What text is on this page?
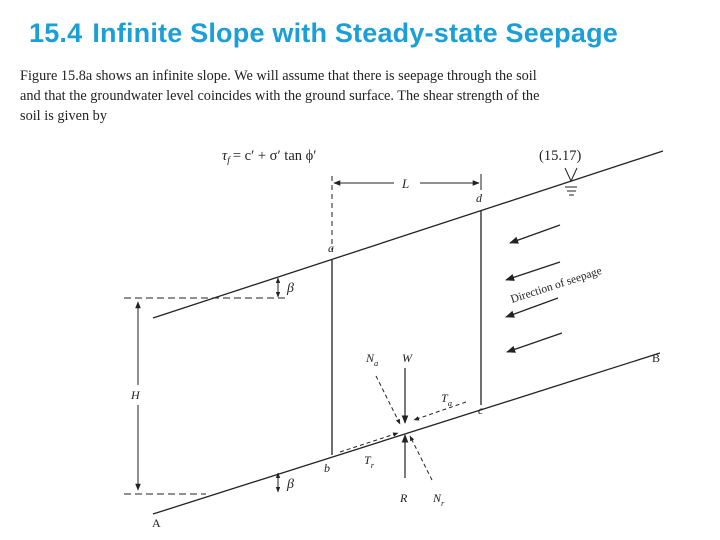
15.4 Infinite Slope with Steady-state Seepage
Figure 15.8a shows an infinite slope. We will assume that there is seepage through the soil
and that the groundwater level coincides with the ground surface. The shear strength of the
soil is given by
$\tau_f = c' + \sigma'$ tan ϕ′	(15.17)
L
a
b
c
d
H
β
β
A
B
Direction of seepage
W
R
$N_a$
$N_r$
$T_a$
$T_r$
